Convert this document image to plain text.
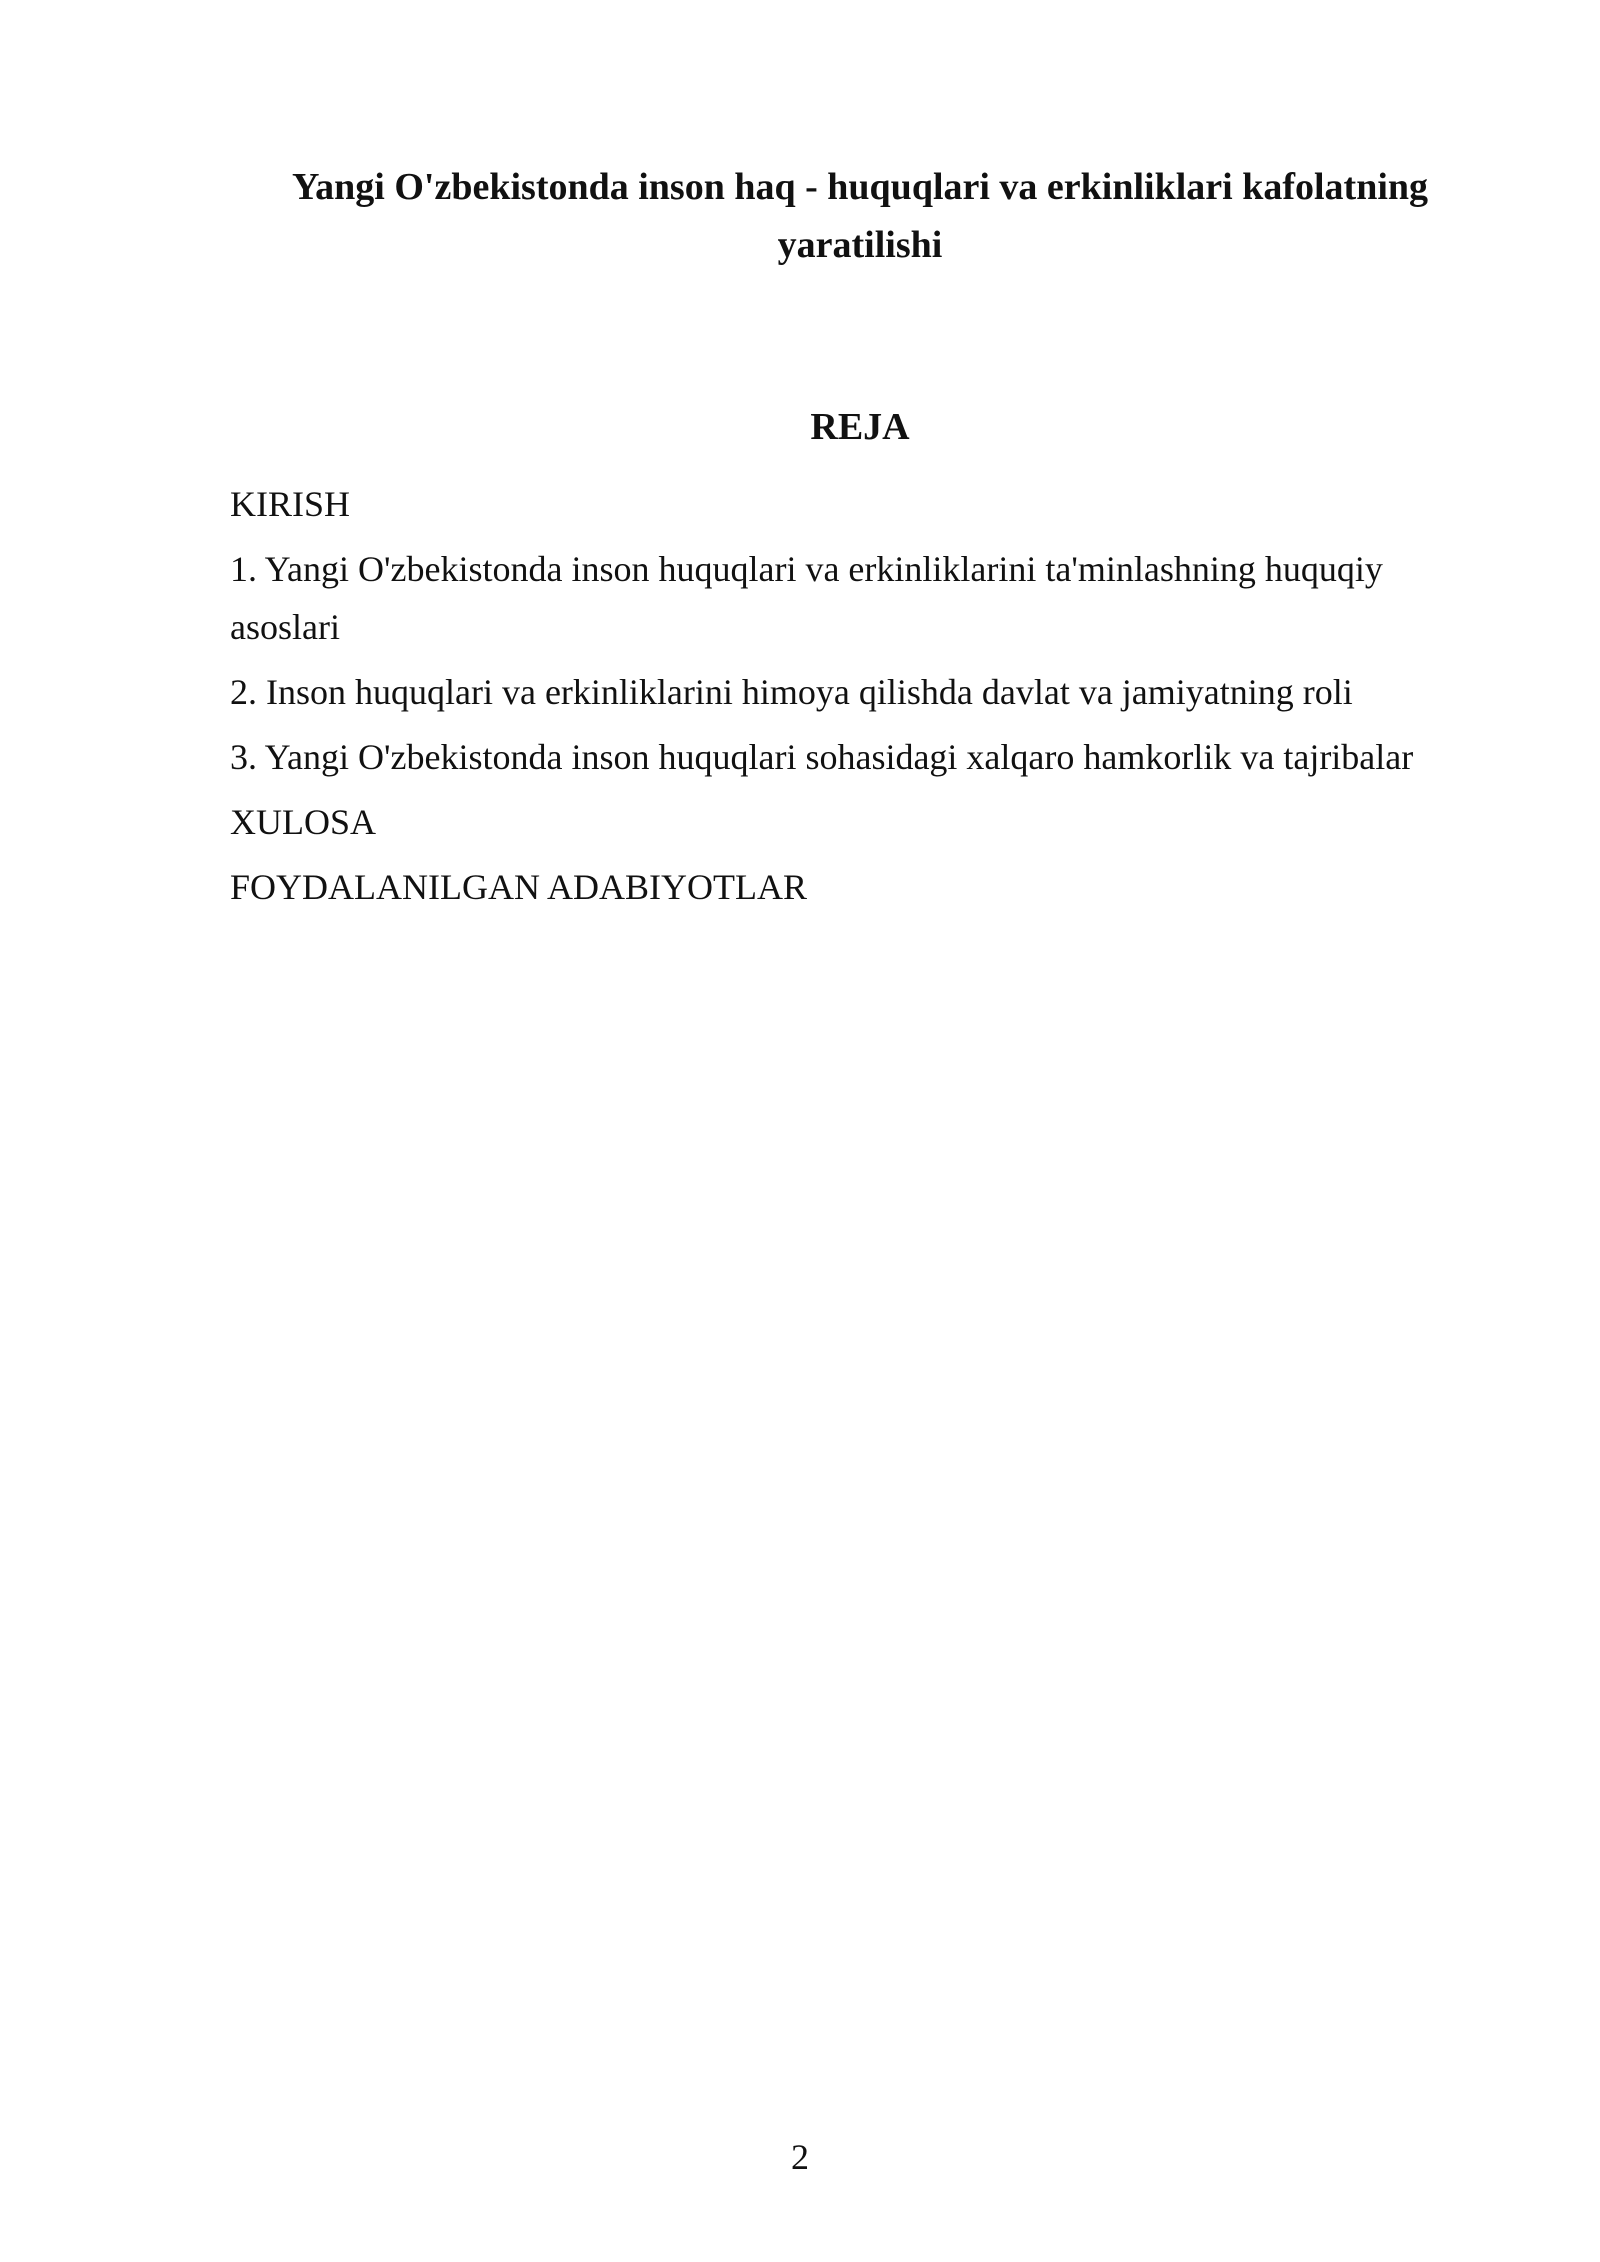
Yangi O'zbekistonda inson haq - huquqlari va erkinliklari kafolatning yaratilishi
REJA
KIRISH
1. Yangi O'zbekistonda inson huquqlari va erkinliklarini ta'minlashning huquqiy asoslari
2. Inson huquqlari va erkinliklarini himoya qilishda davlat va jamiyatning roli
3. Yangi O'zbekistonda inson huquqlari sohasidagi xalqaro hamkorlik va tajribalar
XULOSA
FOYDALANILGAN ADABIYOTLAR
2
